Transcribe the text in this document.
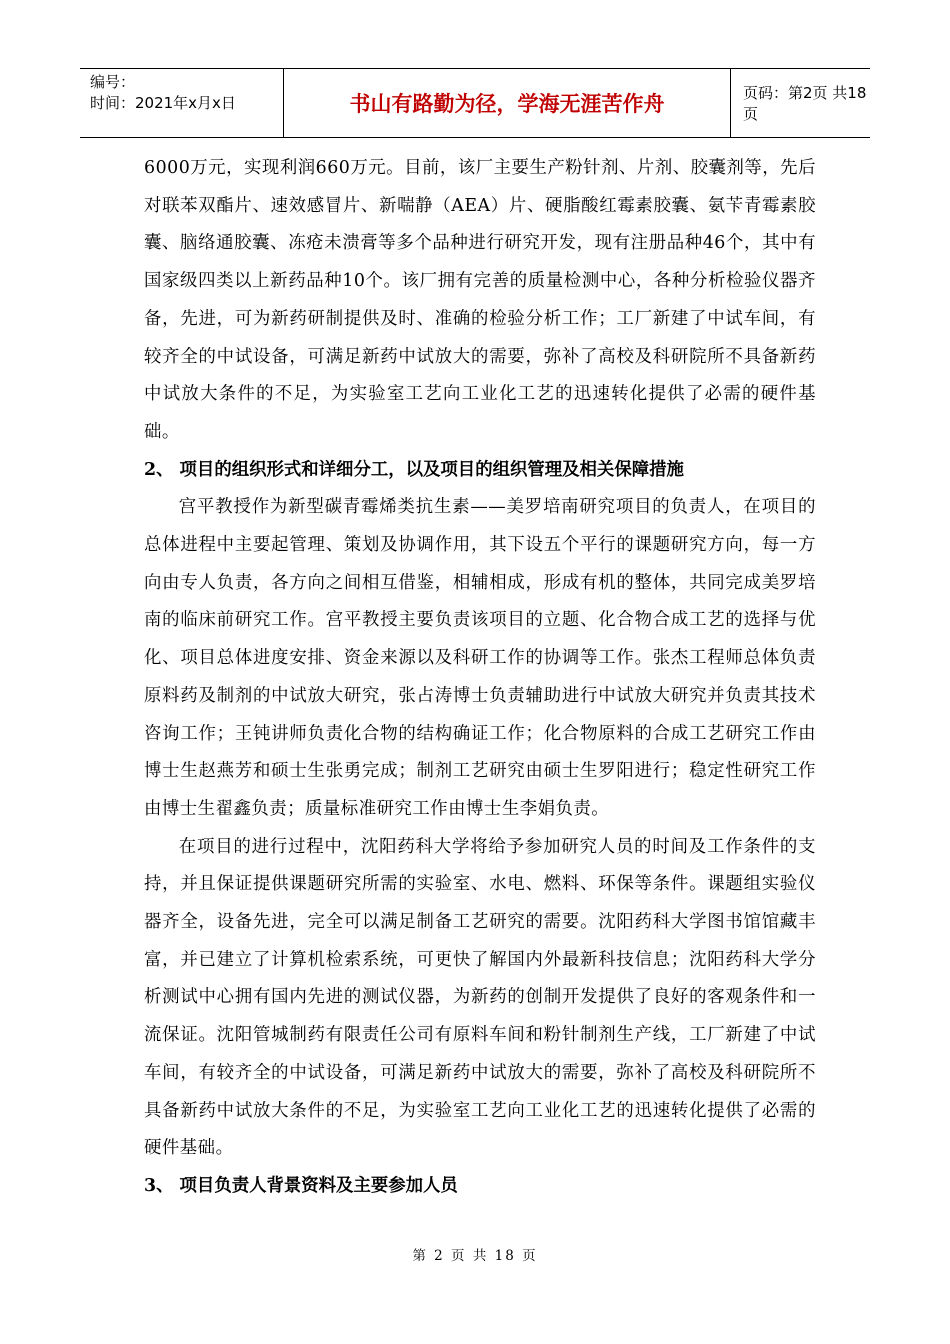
编号：
时间：2021年x月x日	书山有路勤为径，学海无涯苦作舟	页码：第2页 共18页

6000万元，实现利润660万元。目前，该厂主要生产粉针剂、片剂、胶囊剂等，先后对联苯双酯片、速效感冒片、新喘静（AEA）片、硬脂酸红霉素胶囊、氨苄青霉素胶囊、脑络通胶囊、冻疮未溃膏等多个品种进行研究开发，现有注册品种46个，其中有国家级四类以上新药品种10个。该厂拥有完善的质量检测中心，各种分析检验仪器齐备，先进，可为新药研制提供及时、准确的检验分析工作；工厂新建了中试车间，有较齐全的中试设备，可满足新药中试放大的需要，弥补了高校及科研院所不具备新药中试放大条件的不足，为实验室工艺向工业化工艺的迅速转化提供了必需的硬件基础。

2、 项目的组织形式和详细分工，以及项目的组织管理及相关保障措施

宫平教授作为新型碳青霉烯类抗生素——美罗培南研究项目的负责人，在项目的总体进程中主要起管理、策划及协调作用，其下设五个平行的课题研究方向，每一方向由专人负责，各方向之间相互借鉴，相辅相成，形成有机的整体，共同完成美罗培南的临床前研究工作。宫平教授主要负责该项目的立题、化合物合成工艺的选择与优化、项目总体进度安排、资金来源以及科研工作的协调等工作。张杰工程师总体负责原料药及制剂的中试放大研究，张占涛博士负责辅助进行中试放大研究并负责其技术咨询工作；王钝讲师负责化合物的结构确证工作；化合物原料的合成工艺研究工作由博士生赵燕芳和硕士生张勇完成；制剂工艺研究由硕士生罗阳进行；稳定性研究工作由博士生翟鑫负责；质量标准研究工作由博士生李娟负责。

在项目的进行过程中，沈阳药科大学将给予参加研究人员的时间及工作条件的支持，并且保证提供课题研究所需的实验室、水电、燃料、环保等条件。课题组实验仪器齐全，设备先进，完全可以满足制备工艺研究的需要。沈阳药科大学图书馆馆藏丰富，并已建立了计算机检索系统，可更快了解国内外最新科技信息；沈阳药科大学分析测试中心拥有国内先进的测试仪器，为新药的创制开发提供了良好的客观条件和一流保证。沈阳管城制药有限责任公司有原料车间和粉针制剂生产线，工厂新建了中试车间，有较齐全的中试设备，可满足新药中试放大的需要，弥补了高校及科研院所不具备新药中试放大条件的不足，为实验室工艺向工业化工艺的迅速转化提供了必需的硬件基础。

3、 项目负责人背景资料及主要参加人员

第 2 页 共 18 页
